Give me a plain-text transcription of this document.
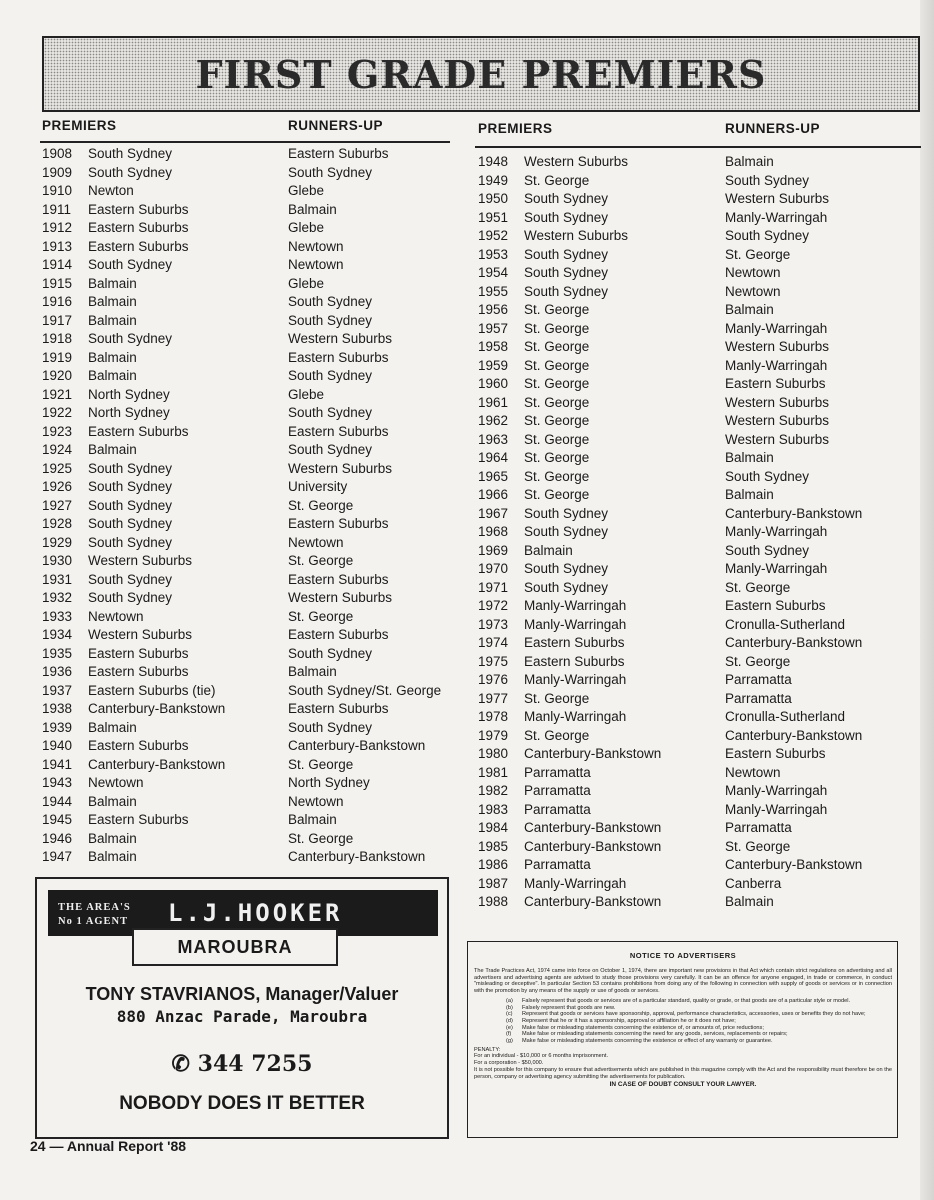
FIRST GRADE PREMIERS
PREMIERS	RUNNERS-UP
1908 South Sydney	Eastern Suburbs
1909 South Sydney	South Sydney
1910 Newton	Glebe
1911 Eastern Suburbs	Balmain
1912 Eastern Suburbs	Glebe
1913 Eastern Suburbs	Newtown
1914 South Sydney	Newtown
1915 Balmain	Glebe
1916 Balmain	South Sydney
1917 Balmain	South Sydney
1918 South Sydney	Western Suburbs
1919 Balmain	Eastern Suburbs
1920 Balmain	South Sydney
1921 North Sydney	Glebe
1922 North Sydney	South Sydney
1923 Eastern Suburbs	Eastern Suburbs
1924 Balmain	South Sydney
1925 South Sydney	Western Suburbs
1926 South Sydney	University
1927 South Sydney	St. George
1928 South Sydney	Eastern Suburbs
1929 South Sydney	Newtown
1930 Western Suburbs	St. George
1931 South Sydney	Eastern Suburbs
1932 South Sydney	Western Suburbs
1933 Newtown	St. George
1934 Western Suburbs	Eastern Suburbs
1935 Eastern Suburbs	South Sydney
1936 Eastern Suburbs	Balmain
1937 Eastern Suburbs (tie)	South Sydney/St. George
1938 Canterbury-Bankstown	Eastern Suburbs
1939 Balmain	South Sydney
1940 Eastern Suburbs	Canterbury-Bankstown
1941 Canterbury-Bankstown	St. George
1943 Newtown	North Sydney
1944 Balmain	Newtown
1945 Eastern Suburbs	Balmain
1946 Balmain	St. George
1947 Balmain	Canterbury-Bankstown
PREMIERS	RUNNERS-UP
1948 Western Suburbs	Balmain
1949 St. George	South Sydney
1950 South Sydney	Western Suburbs
1951 South Sydney	Manly-Warringah
1952 Western Suburbs	South Sydney
1953 South Sydney	St. George
1954 South Sydney	Newtown
1955 South Sydney	Newtown
1956 St. George	Balmain
1957 St. George	Manly-Warringah
1958 St. George	Western Suburbs
1959 St. George	Manly-Warringah
1960 St. George	Eastern Suburbs
1961 St. George	Western Suburbs
1962 St. George	Western Suburbs
1963 St. George	Western Suburbs
1964 St. George	Balmain
1965 St. George	South Sydney
1966 St. George	Balmain
1967 South Sydney	Canterbury-Bankstown
1968 South Sydney	Manly-Warringah
1969 Balmain	South Sydney
1970 South Sydney	Manly-Warringah
1971 South Sydney	St. George
1972 Manly-Warringah	Eastern Suburbs
1973 Manly-Warringah	Cronulla-Sutherland
1974 Eastern Suburbs	Canterbury-Bankstown
1975 Eastern Suburbs	St. George
1976 Manly-Warringah	Parramatta
1977 St. George	Parramatta
1978 Manly-Warringah	Cronulla-Sutherland
1979 St. George	Canterbury-Bankstown
1980 Canterbury-Bankstown	Eastern Suburbs
1981 Parramatta	Newtown
1982 Parramatta	Manly-Warringah
1983 Parramatta	Manly-Warringah
1984 Canterbury-Bankstown	Parramatta
1985 Canterbury-Bankstown	St. George
1986 Parramatta	Canterbury-Bankstown
1987 Manly-Warringah	Canberra
1988 Canterbury-Bankstown	Balmain
THE AREA'S
No 1 AGENT L.J.HOOKER
MAROUBRA
TONY STAVRIANOS, Manager/Valuer
880 Anzac Parade, Maroubra
✆ 344 7255
NOBODY DOES IT BETTER
NOTICE TO ADVERTISERS
The Trade Practices Act, 1974 came into force on October 1, 1974, there are important new provisions in that Act which contain strict regulations on advertising and all advertisers and advertising agents are advised to study those provisions very carefully. It can be an offence for anyone engaged, in trade or commerce, in conduct "misleading or deceptive". In particular Section 53 contains prohibitions from doing any of the following in connection with supply of goods or services or in connection with the promotion by any means of the supply or use of goods or services.
(a) Falsely represent that goods or services are of a particular standard, quality or grade, or that goods are of a particular style or model.
(b) Falsely represent that goods are new.
(c) Represent that goods or services have sponsorship, approval, performance characteristics, accessories, uses or benefits they do not have;
(d) Represent that he or it has a sponsorship, approval or affiliation he or it does not have;
(e) Make false or misleading statements concerning the existence of, or amounts of, price reductions;
(f) Make false or misleading statements concerning the need for any goods, services, replacements or repairs;
(g) Make false or misleading statements concerning the existence or effect of any warranty or guarantee.
PENALTY:
For an individual - $10,000 or 6 months imprisonment.
For a corporation - $50,000.
It is not possible for this company to ensure that advertisements which are published in this magazine comply with the Act and the responsibility must therefore be on the person, company or advertising agency submitting the advertisements for publication.
IN CASE OF DOUBT CONSULT YOUR LAWYER.
24 — Annual Report '88
